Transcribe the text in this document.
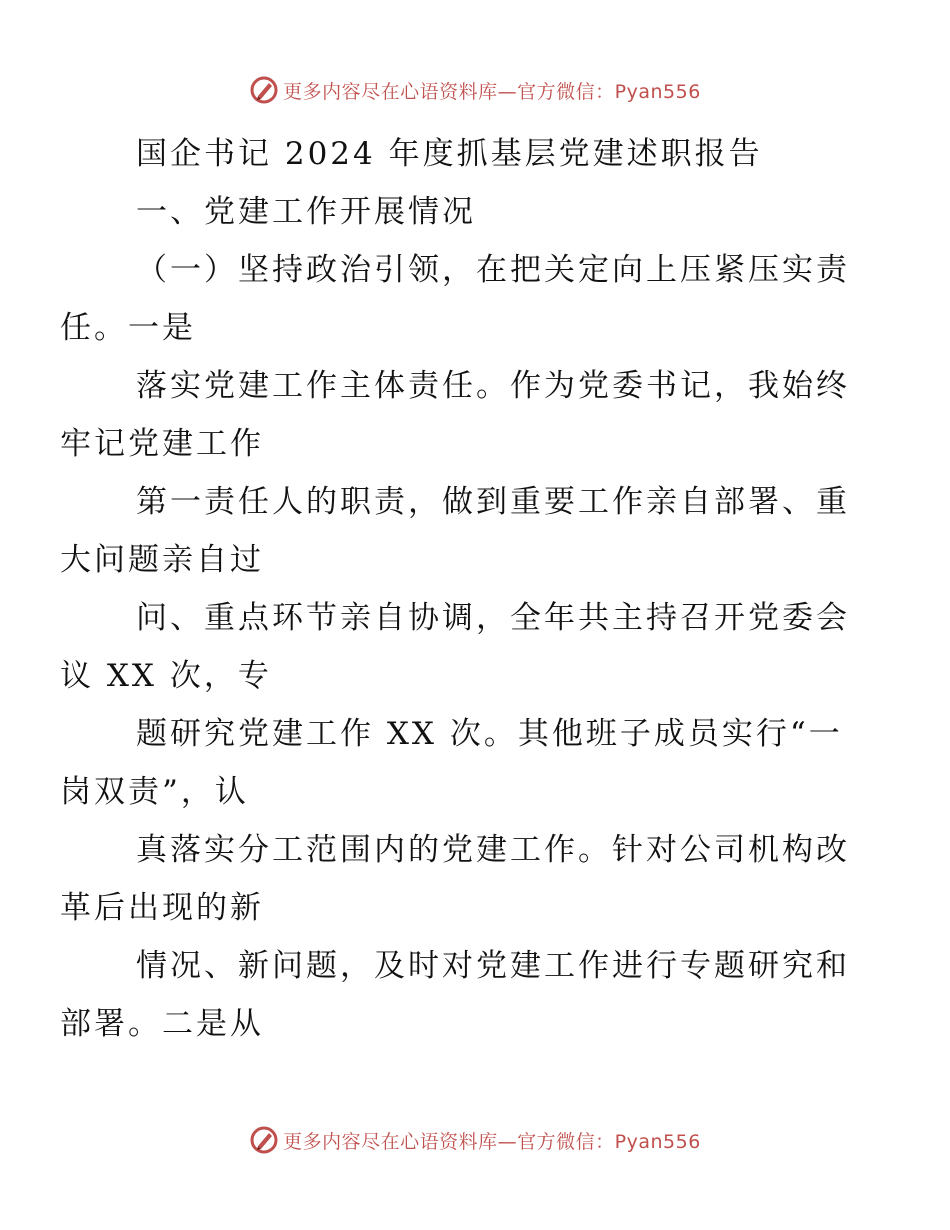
更多内容尽在心语资料库—官方微信：Pyan556

国企书记 2024 年度抓基层党建述职报告

一、党建工作开展情况

（一）坚持政治引领，在把关定向上压紧压实责
任。一是

落实党建工作主体责任。作为党委书记，我始终
牢记党建工作

第一责任人的职责，做到重要工作亲自部署、重
大问题亲自过

问、重点环节亲自协调，全年共主持召开党委会
议 XX 次，专

题研究党建工作 XX 次。其他班子成员实行“一
岗双责”，认

真落实分工范围内的党建工作。针对公司机构改
革后出现的新

情况、新问题，及时对党建工作进行专题研究和
部署。二是从

更多内容尽在心语资料库—官方微信：Pyan556
